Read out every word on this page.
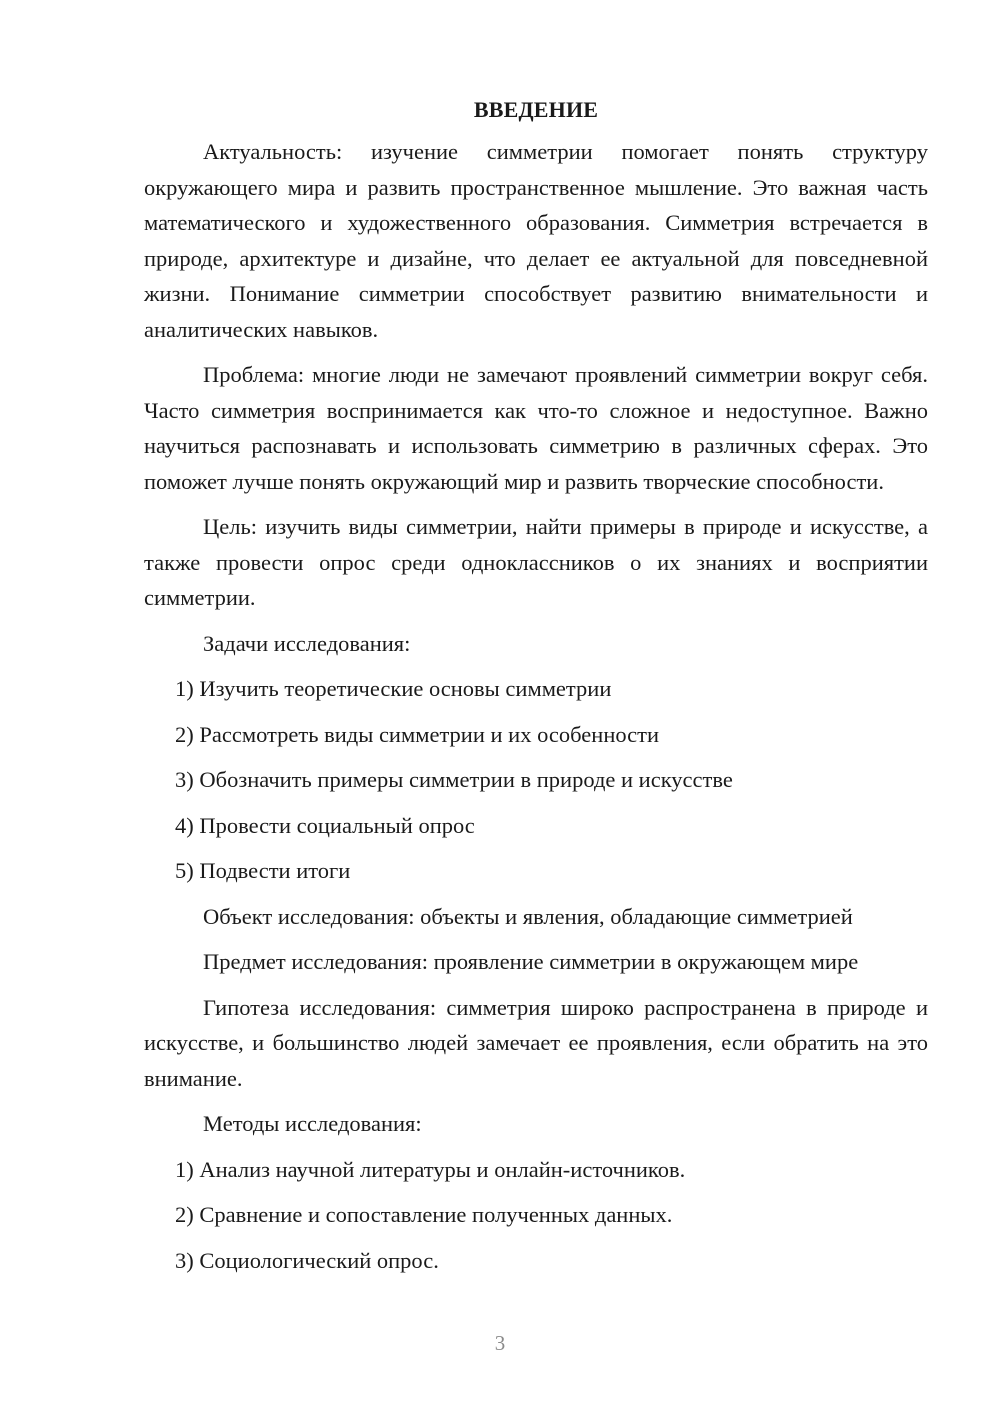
ВВЕДЕНИЕ

Актуальность: изучение симметрии помогает понять структуру окружающего мира и развить пространственное мышление. Это важная часть математического и художественного образования. Симметрия встречается в природе, архитектуре и дизайне, что делает ее актуальной для повседневной жизни. Понимание симметрии способствует развитию внимательности и аналитических навыков.

Проблема: многие люди не замечают проявлений симметрии вокруг себя. Часто симметрия воспринимается как что-то сложное и недоступное. Важно научиться распознавать и использовать симметрию в различных сферах. Это поможет лучше понять окружающий мир и развить творческие способности.

Цель: изучить виды симметрии, найти примеры в природе и искусстве, а также провести опрос среди одноклассников о их знаниях и восприятии симметрии.

Задачи исследования:
1) Изучить теоретические основы симметрии
2) Рассмотреть виды симметрии и их особенности
3) Обозначить примеры симметрии в природе и искусстве
4) Провести социальный опрос
5) Подвести итоги
Объект исследования: объекты и явления, обладающие симметрией
Предмет исследования: проявление симметрии в окружающем мире

Гипотеза исследования: симметрия широко распространена в природе и искусстве, и большинство людей замечает ее проявления, если обратить на это внимание.

Методы исследования:
1) Анализ научной литературы и онлайн-источников.
2) Сравнение и сопоставление полученных данных.
3) Социологический опрос.
3
